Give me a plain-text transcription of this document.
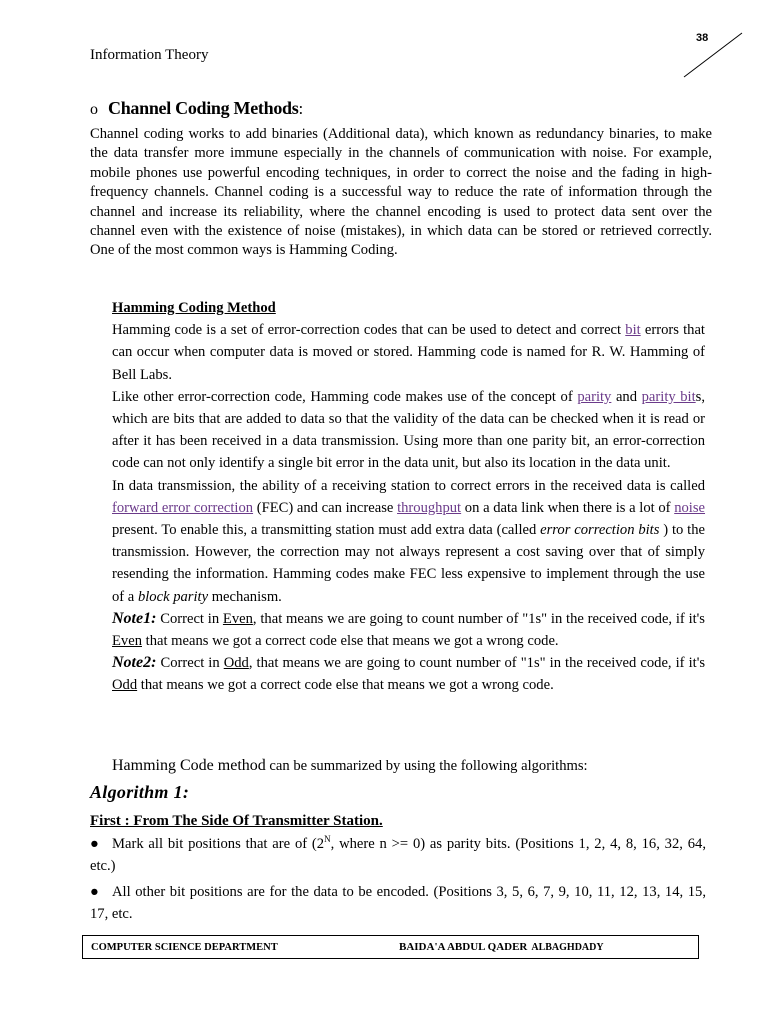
38
Information Theory
o Channel Coding Methods:

Channel coding works to add binaries (Additional data), which known as redundancy binaries, to make the data transfer more immune especially in the channels of communication with noise. For example, mobile phones use powerful encoding techniques, in order to correct the noise and the fading in high-frequency channels. Channel coding is a successful way to reduce the rate of information through the channel and increase its reliability, where the channel encoding is used to protect data sent over the channel even with the existence of noise (mistakes), in which data can be stored or retrieved correctly. One of the most common ways is Hamming Coding.

Hamming Coding Method

Hamming code is a set of error-correction codes that can be used to detect and correct bit errors that can occur when computer data is moved or stored. Hamming code is named for R. W. Hamming of Bell Labs.

Like other error-correction code, Hamming code makes use of the concept of parity and parity bits, which are bits that are added to data so that the validity of the data can be checked when it is read or after it has been received in a data transmission. Using more than one parity bit, an error-correction code can not only identify a single bit error in the data unit, but also its location in the data unit.

In data transmission, the ability of a receiving station to correct errors in the received data is called forward error correction (FEC) and can increase throughput on a data link when there is a lot of noise present. To enable this, a transmitting station must add extra data (called error correction bits ) to the transmission. However, the correction may not always represent a cost saving over that of simply resending the information. Hamming codes make FEC less expensive to implement through the use of a block parity mechanism.

Note1: Correct in Even, that means we are going to count number of "1s" in the received code, if it's Even that means we got a correct code else that means we got a wrong code.

Note2: Correct in Odd, that means we are going to count number of "1s" in the received code, if it's Odd that means we got a correct code else that means we got a wrong code.

Hamming Code method can be summarized by using the following algorithms:
Algorithm 1:
First : From The Side Of Transmitter Station.

● Mark all bit positions that are of ($2^N$, where n >= 0) as parity bits. (Positions 1, 2, 4, 8, 16, 32, 64, etc.)

● All other bit positions are for the data to be encoded. (Positions 3, 5, 6, 7, 9, 10, 11, 12, 13, 14, 15, 17, etc.

COMPUTER SCIENCE DEPARTMENT	BAIDA'A ABDUL QADER ALBAGHDADY
